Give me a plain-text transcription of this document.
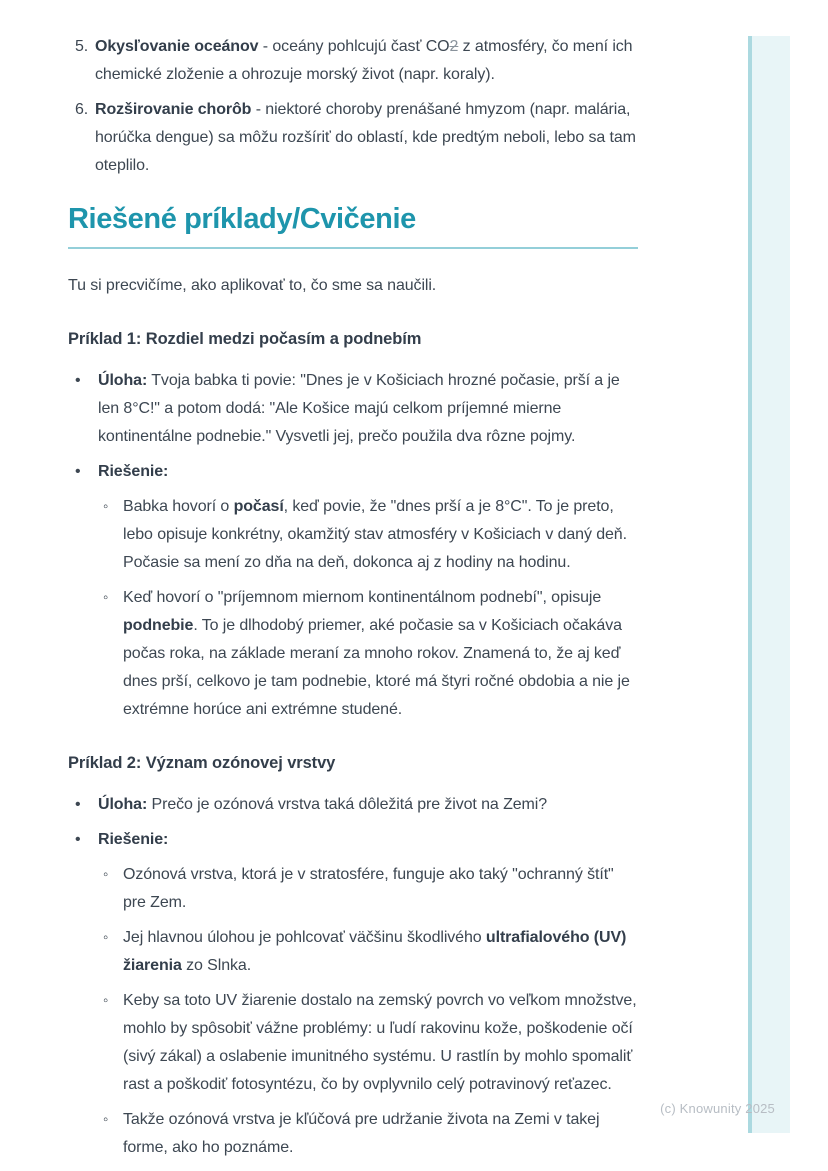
5. Okysľovanie oceánov - oceány pohlcujú časť CO2 z atmosféry, čo mení ich chemické zloženie a ohrozuje morský život (napr. koraly).
6. Rozširovanie chorôb - niektoré choroby prenášané hmyzom (napr. malária, horúčka dengue) sa môžu rozšíriť do oblastí, kde predtým neboli, lebo sa tam oteplilo.
Riešené príklady/Cvičenie

Tu si precvičíme, ako aplikovať to, čo sme sa naučili.

Príklad 1: Rozdiel medzi počasím a podnebím
•	Úloha: Tvoja babka ti povie: "Dnes je v Košiciach hrozné počasie, prší a je len 8°C!" a potom dodá: "Ale Košice majú celkom príjemné mierne kontinentálne podnebie." Vysvetli jej, prečo použila dva rôzne pojmy.
•	Riešenie:
◦ Babka hovorí o počasí, keď povie, že "dnes prší a je 8°C". To je preto, lebo opisuje konkrétny, okamžitý stav atmosféry v Košiciach v daný deň. Počasie sa mení zo dňa na deň, dokonca aj z hodiny na hodinu.
◦ Keď hovorí o "príjemnom miernom kontinentálnom podnebí", opisuje podnebie. To je dlhodobý priemer, aké počasie sa v Košiciach očakáva počas roka, na základe meraní za mnoho rokov. Znamená to, že aj keď dnes prší, celkovo je tam podnebie, ktoré má štyri ročné obdobia a nie je extrémne horúce ani extrémne studené.
Príklad 2: Význam ozónovej vrstvy
•	Úloha: Prečo je ozónová vrstva taká dôležitá pre život na Zemi?
•	Riešenie:
◦ Ozónová vrstva, ktorá je v stratosfére, funguje ako taký "ochranný štít" pre Zem.
◦ Jej hlavnou úlohou je pohlcovať väčšinu škodlivého ultrafialového (UV) žiarenia zo Slnka.
◦ Keby sa toto UV žiarenie dostalo na zemský povrch vo veľkom množstve, mohlo by spôsobiť vážne problémy: u ľudí rakovinu kože, poškodenie očí (sivý zákal) a oslabenie imunitného systému. U rastlín by mohlo spomaliť rast a poškodiť fotosyntézu, čo by ovplyvnilo celý potravinový reťazec.
◦ Takže ozónová vrstva je kľúčová pre udržanie života na Zemi v takej forme, ako ho poznáme.
(c) Knowunity 2025
